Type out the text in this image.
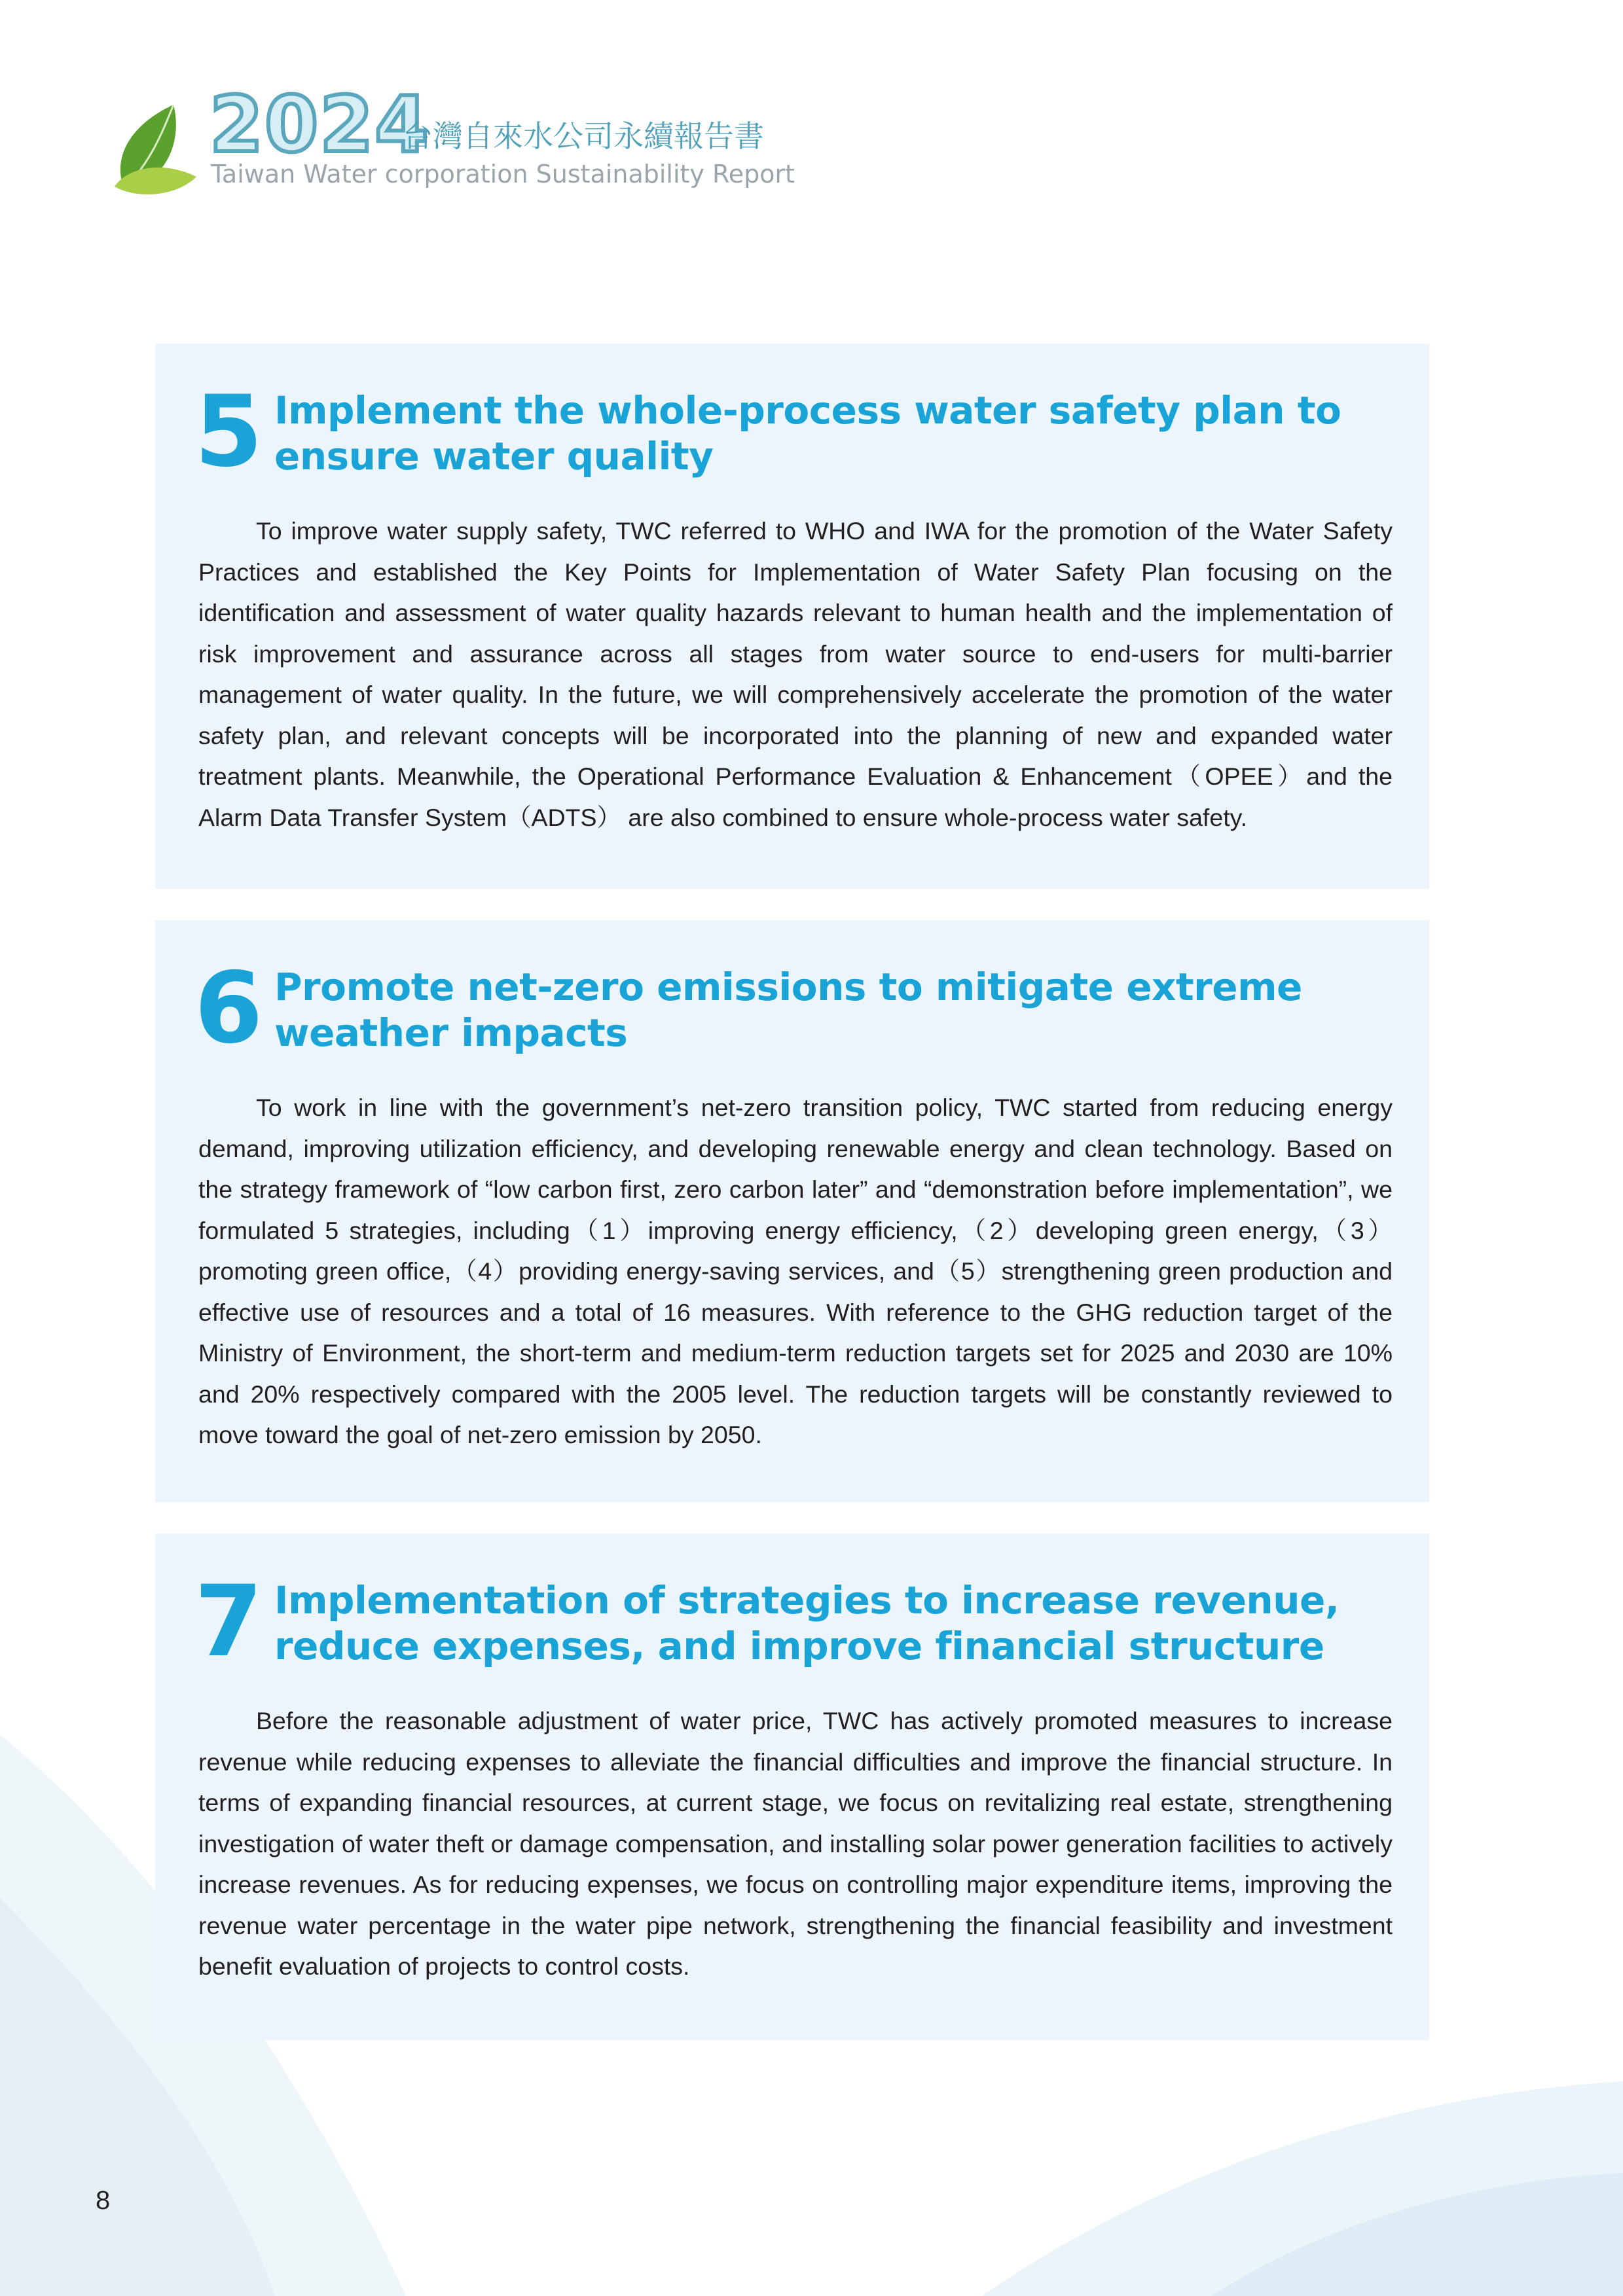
2024
台灣自來水公司永續報告書
Taiwan Water corporation Sustainability Report
5 Implement the whole-process water safety plan to
ensure water quality

To improve water supply safety, TWC referred to WHO and IWA for the promotion of the Water Safety Practices and established the Key Points for Implementation of Water Safety Plan focusing on the identification and assessment of water quality hazards relevant to human health and the implementation of risk improvement and assurance across all stages from water source to end-users for multi-barrier management of water quality. In the future, we will comprehensively accelerate the promotion of the water safety plan, and relevant concepts will be incorporated into the planning of new and expanded water treatment plants. Meanwhile, the Operational Performance Evaluation & Enhancement（OPEE）and the Alarm Data Transfer System（ADTS） are also combined to ensure whole-process water safety.

6 Promote net-zero emissions to mitigate extreme
weather impacts

To work in line with the government’s net-zero transition policy, TWC started from reducing energy demand, improving utilization efficiency, and developing renewable energy and clean technology. Based on the strategy framework of “low carbon first, zero carbon later” and “demonstration before implementation”, we formulated 5 strategies, including（1）improving energy efficiency,（2）developing green energy,（3）promoting green office,（4）providing energy-saving services, and（5）strengthening green production and effective use of resources and a total of 16 measures. With reference to the GHG reduction target of the Ministry of Environment, the short-term and medium-term reduction targets set for 2025 and 2030 are 10% and 20% respectively compared with the 2005 level. The reduction targets will be constantly reviewed to move toward the goal of net-zero emission by 2050.

7 Implementation of strategies to increase revenue,
reduce expenses, and improve financial structure

Before the reasonable adjustment of water price, TWC has actively promoted measures to increase revenue while reducing expenses to alleviate the financial difficulties and improve the financial structure. In terms of expanding financial resources, at current stage, we focus on revitalizing real estate, strengthening investigation of water theft or damage compensation, and installing solar power generation facilities to actively increase revenues. As for reducing expenses, we focus on controlling major expenditure items, improving the revenue water percentage in the water pipe network, strengthening the financial feasibility and investment benefit evaluation of projects to control costs.

8
